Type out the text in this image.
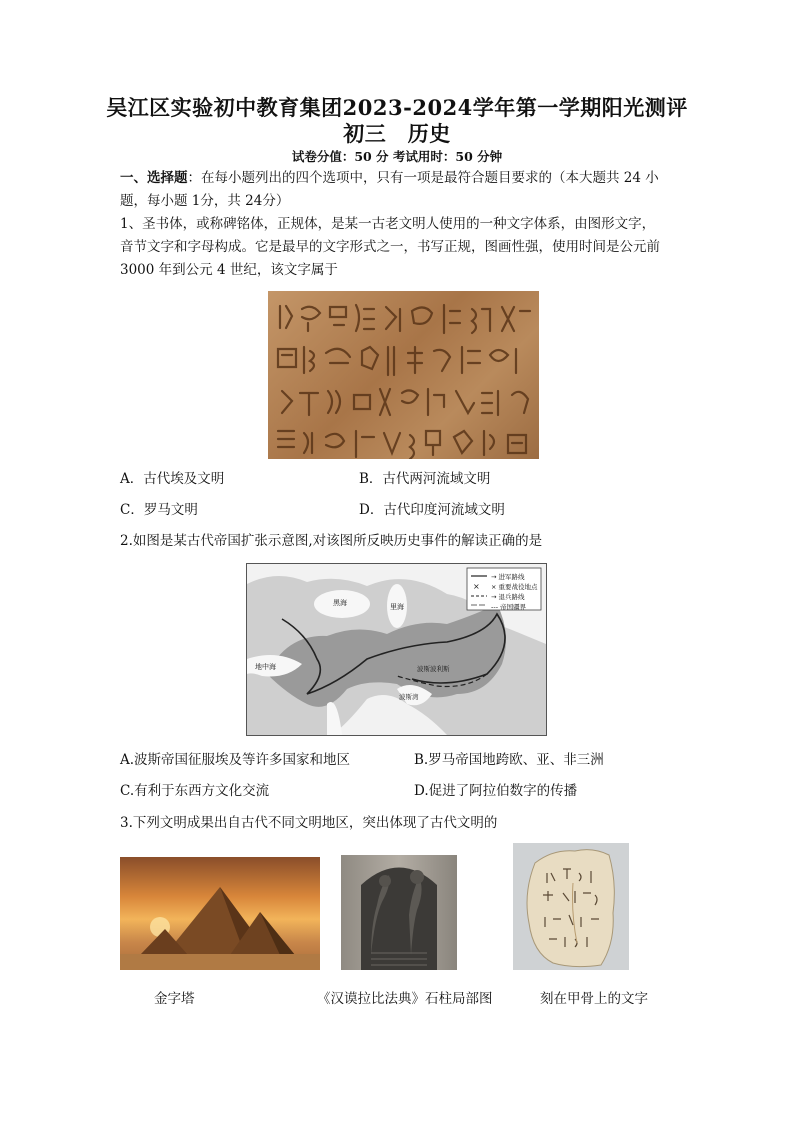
吴江区实验初中教育集团2023-2024学年第一学期阳光测评
初三　历史
试卷分值：50 分 考试用时：50 分钟
一、选择题：在每小题列出的四个选项中，只有一项是最符合题目要求的（本大题共 24 小
题，每小题 1分，共 24分）
1、圣书体，或称碑铭体，正规体，是某一古老文明人使用的一种文字体系，由图形文字，
音节文字和字母构成。它是最早的文字形式之一，书写正规，图画性强，使用时间是公元前
3000 年到公元 4 世纪，该文字属于
A．古代埃及文明	B．古代两河流域文明
C．罗马文明	D．古代印度河流域文明
2.如图是某古代帝国扩张示意图,对该图所反映历史事件的解读正确的是
×
→ 进军路线
× 重要战役地点
→ 退兵路线
--- 帝国疆界
黑海	里海
波斯波利斯
地中海
波斯湾
A.波斯帝国征服埃及等许多国家和地区	B.罗马帝国地跨欧、亚、非三洲
C.有利于东西方文化交流	D.促进了阿拉伯数字的传播
3.下列文明成果出自古代不同文明地区，突出体现了古代文明的
金字塔	《汉谟拉比法典》石柱局部图	刻在甲骨上的文字
